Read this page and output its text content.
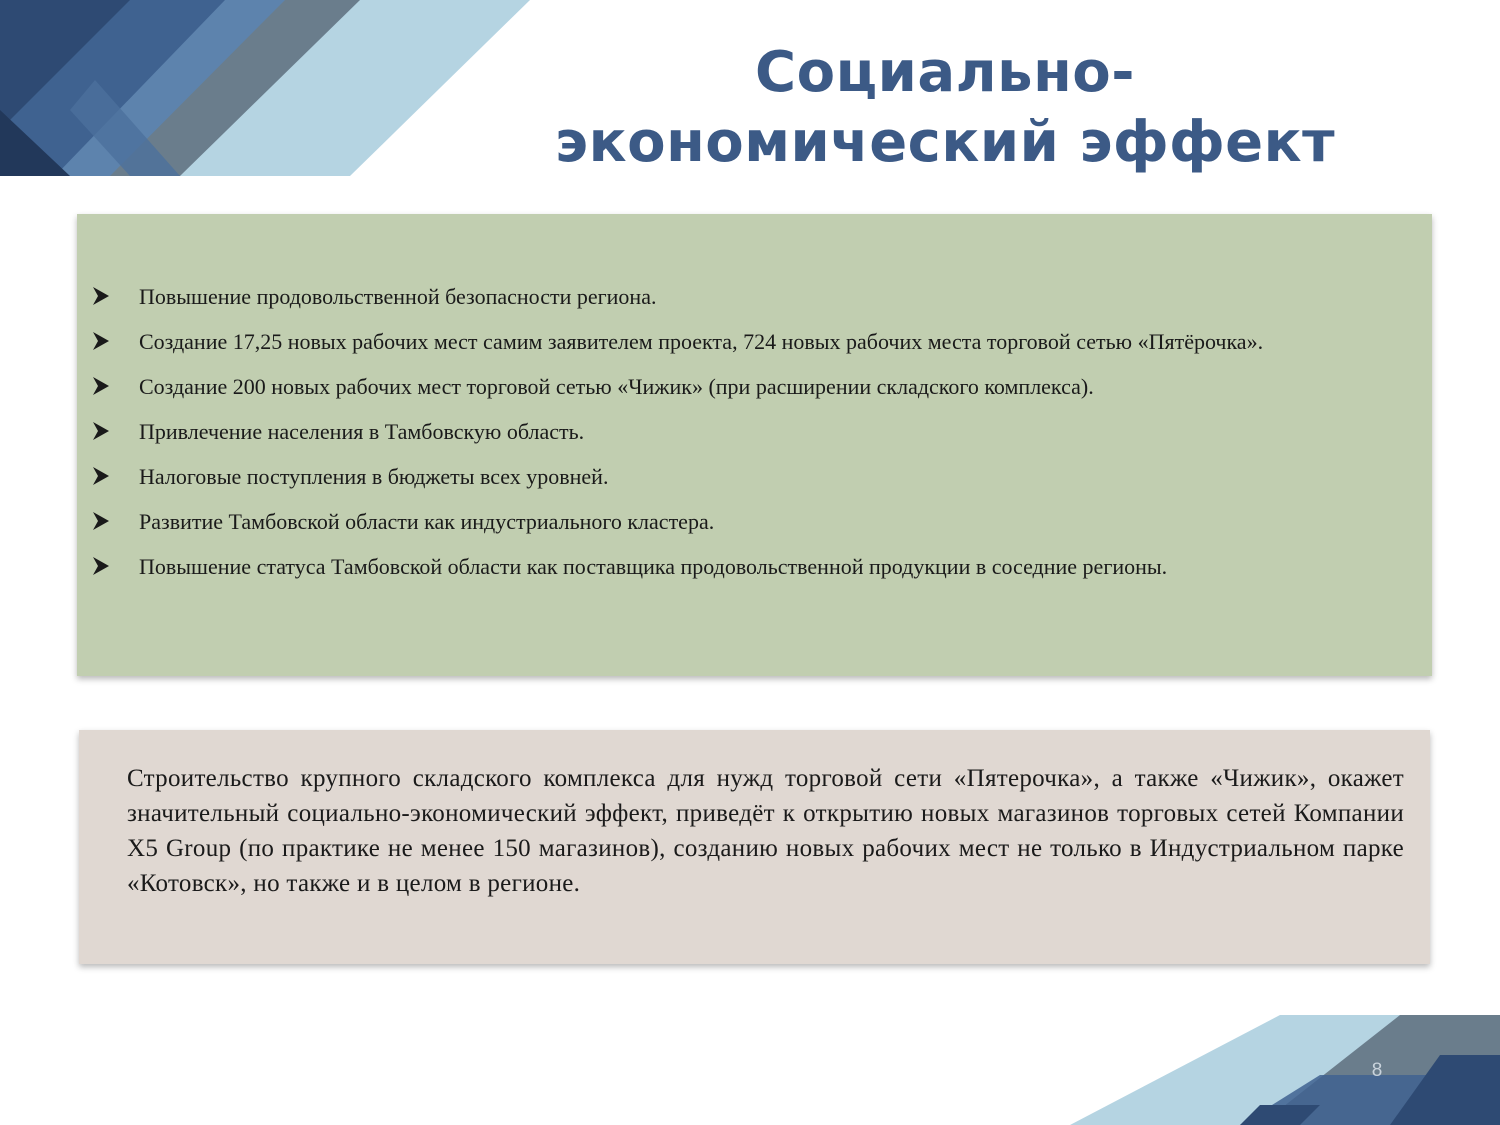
Социально-экономический эффект
Повышение продовольственной безопасности региона.
Создание 17,25 новых рабочих мест самим заявителем проекта, 724 новых рабочих места торговой сетью «Пятёрочка».
Создание 200 новых рабочих мест торговой сетью «Чижик» (при расширении складского комплекса).
Привлечение населения в Тамбовскую область.
Налоговые поступления в бюджеты всех уровней.
Развитие Тамбовской области как индустриального кластера.
Повышение статуса Тамбовской области как поставщика продовольственной продукции в соседние регионы.

Строительство крупного складского комплекса для нужд торговой сети «Пятерочка», а также «Чижик», окажет значительный социально-экономический эффект, приведёт к открытию новых магазинов торговых сетей Компании X5 Group (по практике не менее 150 магазинов), созданию новых рабочих мест не только в Индустриальном парке «Котовск», но также и в целом в регионе.

8
